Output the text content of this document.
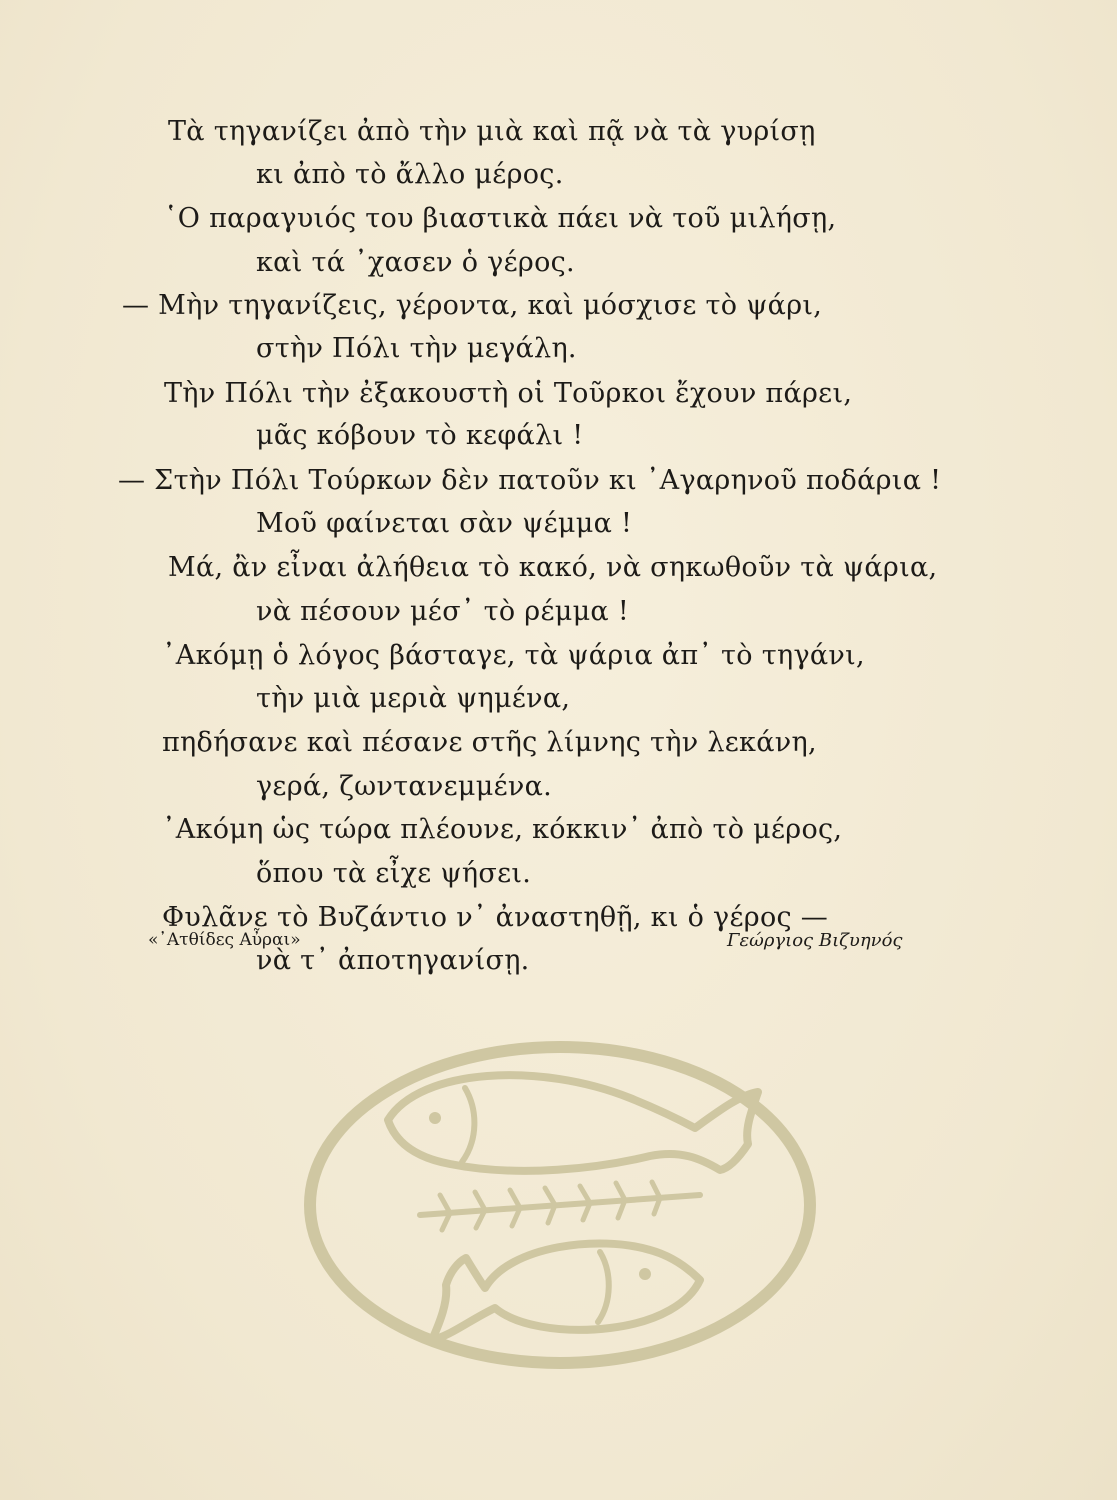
Τὰ τηγανίζει ἀπὸ τὴν μιὰ καὶ πᾷ νὰ τὰ γυρίσῃ
κι ἀπὸ τὸ ἄλλο μέρος.
῾Ο παραγυιός του βιαστικὰ πάει νὰ τοῦ μιλήσῃ,
καὶ τά ᾿χασεν ὁ γέρος.
— Μὴν τηγανίζεις, γέροντα, καὶ μόσχισε τὸ ψάρι,
στὴν Πόλι τὴν μεγάλη.
Τὴν Πόλι τὴν ἐξακουστὴ οἱ Τοῦρκοι ἔχουν πάρει,
μᾶς κόβουν τὸ κεφάλι !
— Στὴν Πόλι Τούρκων δὲν πατοῦν κι ᾿Αγαρηνοῦ ποδάρια !
Μοῦ φαίνεται σὰν ψέμμα !
Μά, ἂν εἶναι ἀλήθεια τὸ κακό, νὰ σηκωθοῦν τὰ ψάρια,
νὰ πέσουν μέσ᾿ τὸ ρέμμα !
᾿Ακόμῃ ὁ λόγος βάσταγε, τὰ ψάρια ἀπ᾿ τὸ τηγάνι,
τὴν μιὰ μεριὰ ψημένα,
πηδήσανε καὶ πέσανε στῆς λίμνης τὴν λεκάνη,
γερά, ζωντανεμμένα.
᾿Ακόμη ὡς τώρα πλέουνε, κόκκιν᾿ ἀπὸ τὸ μέρος,
ὅπου τὰ εἶχε ψήσει.
Φυλᾶνε τὸ Βυζάντιο ν᾿ ἀναστηθῇ, κι ὁ γέρος —
νὰ τ᾿ ἀποτηγανίσῃ.
«᾿Ατθίδες Αὖραι»	Γεώργιος Βιζυηνός
